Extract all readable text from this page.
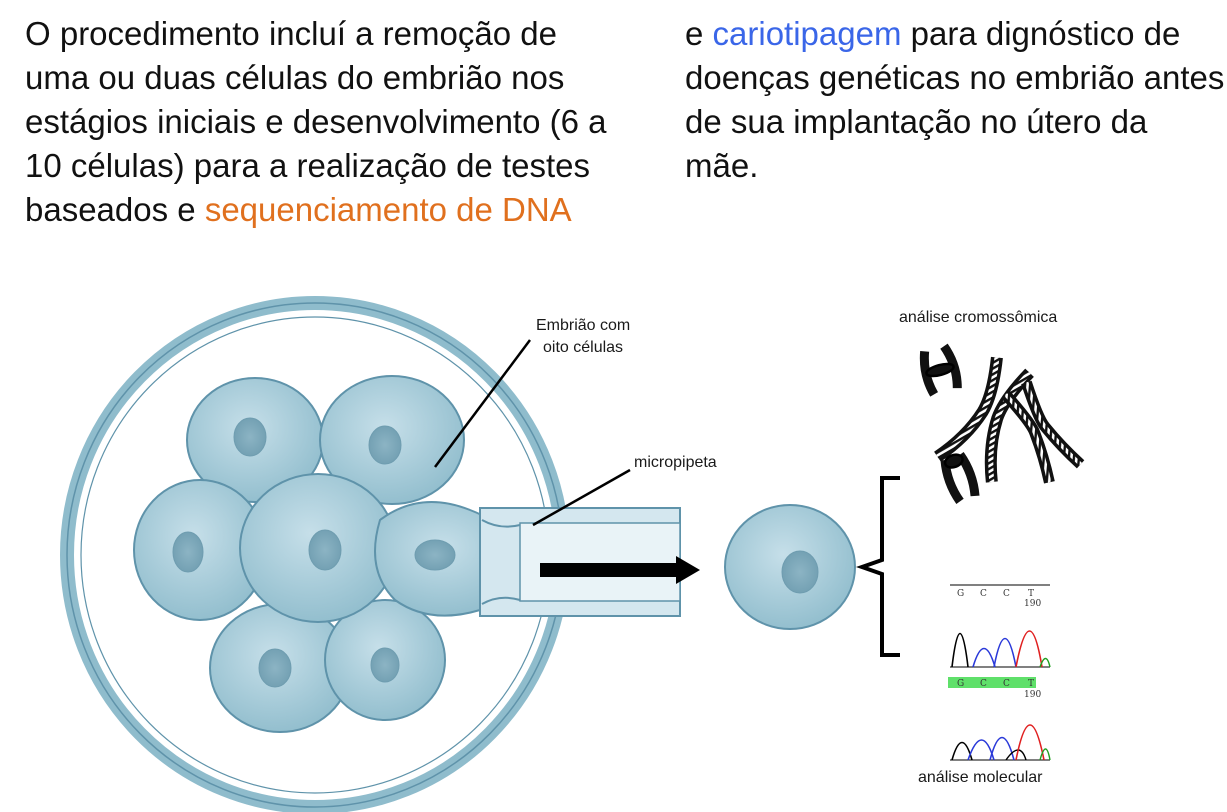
O procedimento incluí a remoção de uma ou duas células do embrião nos estágios iniciais e desenvolvimento (6 a 10 células) para a realização de testes baseados e sequenciamento de DNA

e cariotipagem para dignóstico de doenças genéticas no embrião antes de sua implantação no útero da mãe.

G C C T
190
G C C T
190
Embrião com
oito células
micropipeta
análise cromossômica
análise molecular
